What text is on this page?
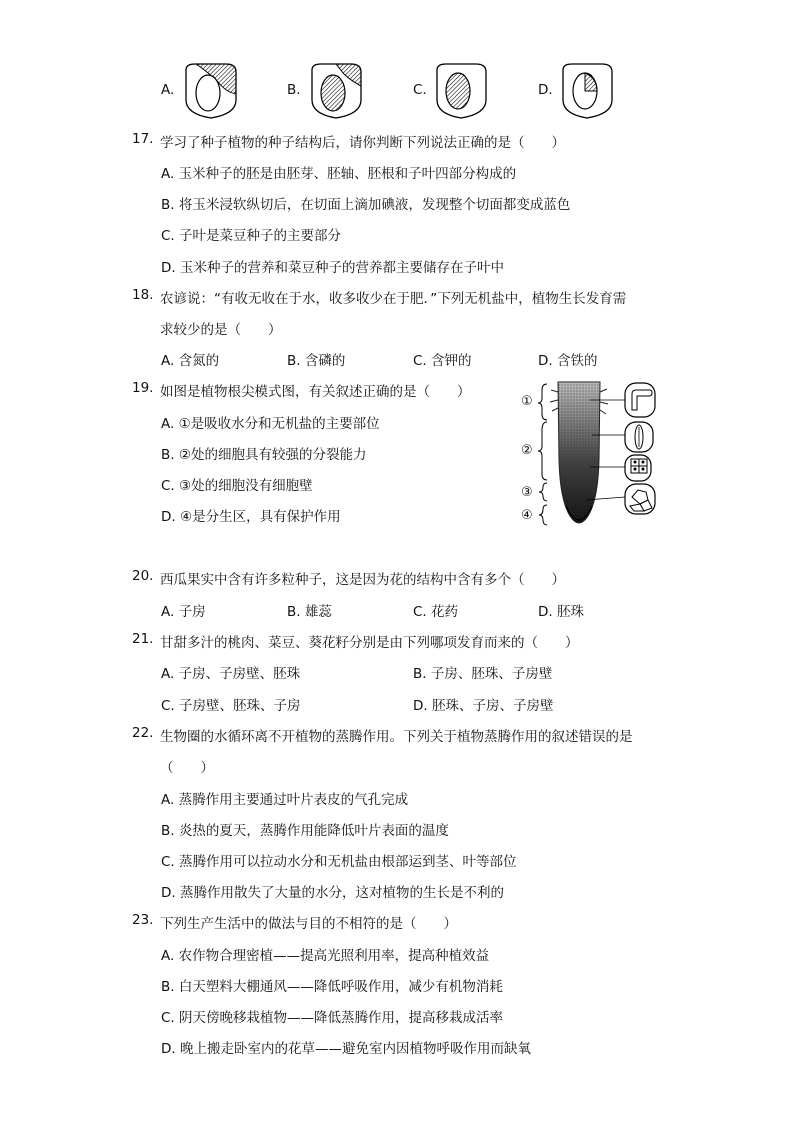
A.	B.	C.	D.
17. 学习了种子植物的种子结构后，请你判断下列说法正确的是（　　）
A. 玉米种子的胚是由胚芽、胚轴、胚根和子叶四部分构成的
B. 将玉米浸软纵切后，在切面上滴加碘液，发现整个切面都变成蓝色
C. 子叶是菜豆种子的主要部分
D. 玉米种子的营养和菜豆种子的营养都主要储存在子叶中
18. 农谚说：“有收无收在于水，收多收少在于肥．”下列无机盐中，植物生长发育需
求较少的是（　　）
A. 含氮的	B. 含磷的	C. 含钾的	D. 含铁的
19. 如图是植物根尖模式图，有关叙述正确的是（　　）
A. ①是吸收水分和无机盐的主要部位
B. ②处的细胞具有较强的分裂能力
C. ③处的细胞没有细胞壁
D. ④是分生区，具有保护作用
①
②
③
④
20. 西瓜果实中含有许多粒种子，这是因为花的结构中含有多个（　　）
A. 子房	B. 雄蕊	C. 花药	D. 胚珠
21. 甘甜多汁的桃肉、菜豆、葵花籽分别是由下列哪项发育而来的（　　）
A. 子房、子房壁、胚珠	B. 子房、胚珠、子房壁
C. 子房壁、胚珠、子房	D. 胚珠、子房、子房壁
22. 生物圈的水循环离不开植物的蒸腾作用。下列关于植物蒸腾作用的叙述错误的是
（　　）
A. 蒸腾作用主要通过叶片表皮的气孔完成
B. 炎热的夏天，蒸腾作用能降低叶片表面的温度
C. 蒸腾作用可以拉动水分和无机盐由根部运到茎、叶等部位
D. 蒸腾作用散失了大量的水分，这对植物的生长是不利的
23. 下列生产生活中的做法与目的不相符的是（　　）
A. 农作物合理密植——提高光照利用率，提高种植效益
B. 白天塑料大棚通风——降低呼吸作用，减少有机物消耗
C. 阴天傍晚移栽植物——降低蒸腾作用，提高移栽成活率
D. 晚上搬走卧室内的花草——避免室内因植物呼吸作用而缺氧
